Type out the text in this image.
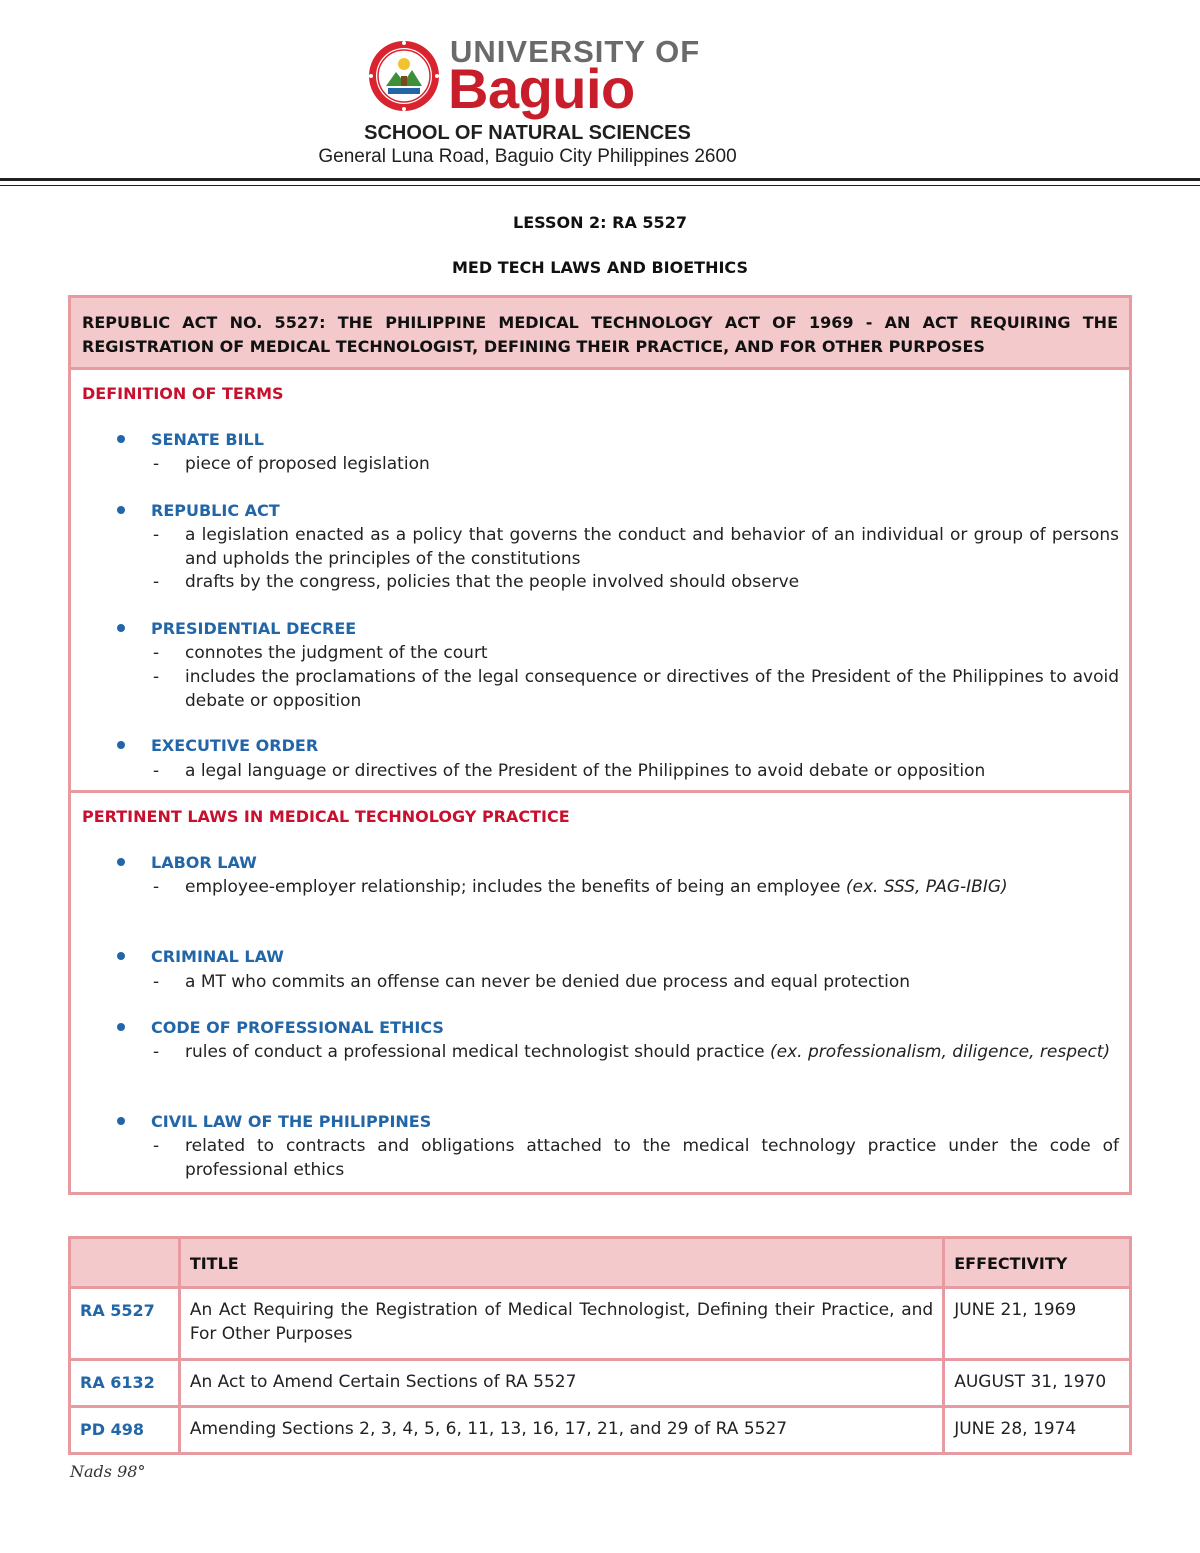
UNIVERSITY OF
Baguio
SCHOOL OF NATURAL SCIENCES
General Luna Road, Baguio City Philippines 2600
LESSON 2: RA 5527
MED TECH LAWS AND BIOETHICS
REPUBLIC ACT NO. 5527: THE PHILIPPINE MEDICAL TECHNOLOGY ACT OF 1969 - AN ACT REQUIRING THE REGISTRATION OF MEDICAL TECHNOLOGIST, DEFINING THEIR PRACTICE, AND FOR OTHER PURPOSES
DEFINITION OF TERMS
SENATE BILL
- piece of proposed legislation
REPUBLIC ACT
- a legislation enacted as a policy that governs the conduct and behavior of an individual or group of persons and upholds the principles of the constitutions
- drafts by the congress, policies that the people involved should observe
PRESIDENTIAL DECREE
- connotes the judgment of the court
- includes the proclamations of the legal consequence or directives of the President of the Philippines to avoid debate or opposition
EXECUTIVE ORDER
- a legal language or directives of the President of the Philippines to avoid debate or opposition
PERTINENT LAWS IN MEDICAL TECHNOLOGY PRACTICE
LABOR LAW
- employee-employer relationship; includes the benefits of being an employee (ex. SSS, PAG-IBIG)
CRIMINAL LAW
- a MT who commits an offense can never be denied due process and equal protection
CODE OF PROFESSIONAL ETHICS
- rules of conduct a professional medical technologist should practice (ex. professionalism, diligence, respect)
CIVIL LAW OF THE PHILIPPINES
- related to contracts and obligations attached to the medical technology practice under the code of professional ethics
	TITLE	EFFECTIVITY
RA 5527	An Act Requiring the Registration of Medical Technologist, Defining their Practice, and For Other Purposes	JUNE 21, 1969
RA 6132	An Act to Amend Certain Sections of RA 5527	AUGUST 31, 1970
PD 498	Amending Sections 2, 3, 4, 5, 6, 11, 13, 16, 17, 21, and 29 of RA 5527	JUNE 28, 1974
Nads 98°
